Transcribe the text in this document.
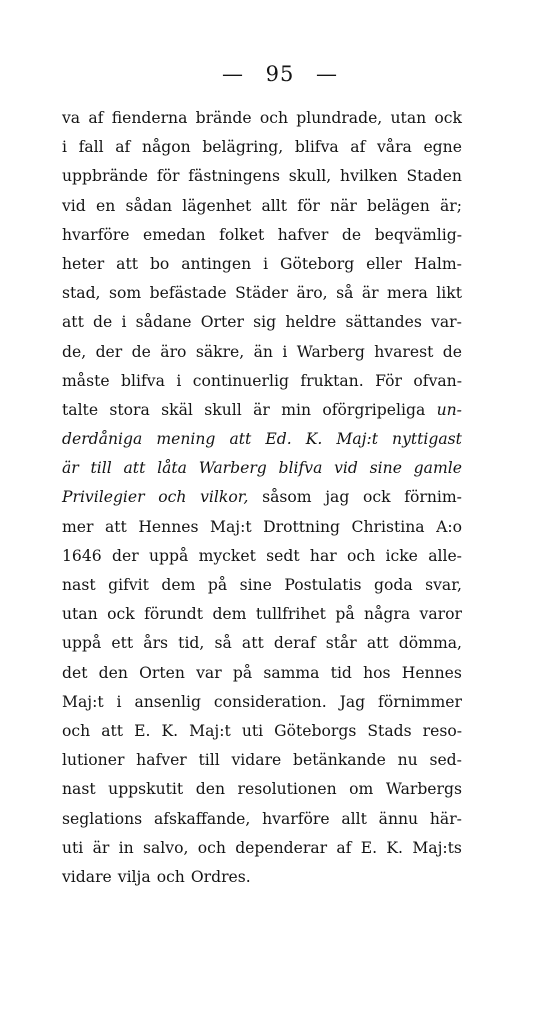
— 95 —
va af fienderna brände och plundrade, utan ock
i fall af någon belägring, blifva af våra egne
uppbrände för fästningens skull, hvilken Staden
vid en sådan lägenhet allt för när belägen är;
hvarföre emedan folket hafver de beqvämlig-
heter att bo antingen i Göteborg eller Halm-
stad, som befästade Städer äro, så är mera likt
att de i sådane Orter sig heldre sättandes var-
de, der de äro säkre, än i Warberg hvarest de
måste blifva i continuerlig fruktan. För ofvan-
talte stora skäl skull är min oförgripeliga un-
derdåniga mening att Ed. K. Maj:t nyttigast
är till att låta Warberg blifva vid sine gamle
Privilegier och vilkor, såsom jag ock förnim-
mer att Hennes Maj:t Drottning Christina A:o
1646 der uppå mycket sedt har och icke alle-
nast gifvit dem på sine Postulatis goda svar,
utan ock förundt dem tullfrihet på några varor
uppå ett års tid, så att deraf står att dömma,
det den Orten var på samma tid hos Hennes
Maj:t i ansenlig consideration. Jag förnimmer
och att E. K. Maj:t uti Göteborgs Stads reso-
lutioner hafver till vidare betänkande nu sed-
nast uppskutit den resolutionen om Warbergs
seglations afskaffande, hvarföre allt ännu här-
uti är in salvo, och dependerar af E. K. Maj:ts
vidare vilja och Ordres.
